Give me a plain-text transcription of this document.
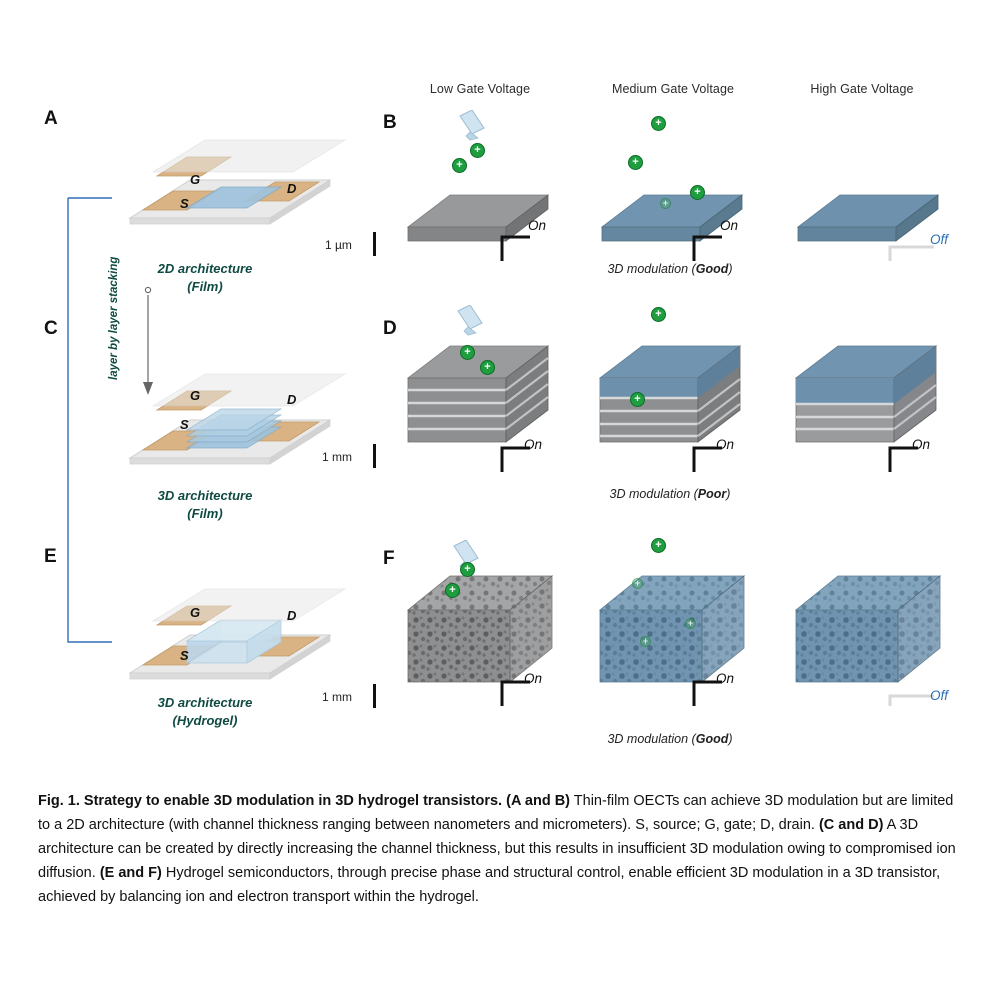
Low Gate Voltage	Medium Gate Voltage	High Gate Voltage
A	B
C	D
E	F
layer by layer stacking
G
D
S
2D architecture
(Film)
1 µm
G	D
S
3D architecture
(Film)
1 mm
G	D
S
3D architecture
(Hydrogel)
1 mm
+
+
+
+
+
+
On	On
Off
3D modulation (Good)
+
+
+
+
On	On	On
3D modulation (Poor)
+
+
+
+
+
+
On	On
Off
3D modulation (Good)
Fig. 1. Strategy to enable 3D modulation in 3D hydrogel transistors. (A and B) Thin-film OECTs can achieve 3D modulation but are limited to a 2D architecture (with channel thickness ranging between nanometers and micrometers). S, source; G, gate; D, drain. (C and D) A 3D architecture can be created by directly increasing the channel thickness, but this results in insufficient 3D modulation owing to compromised ion diffusion. (E and F) Hydrogel semiconductors, through precise phase and structural control, enable efficient 3D modulation in a 3D transistor, achieved by balancing ion and electron transport within the hydrogel.
